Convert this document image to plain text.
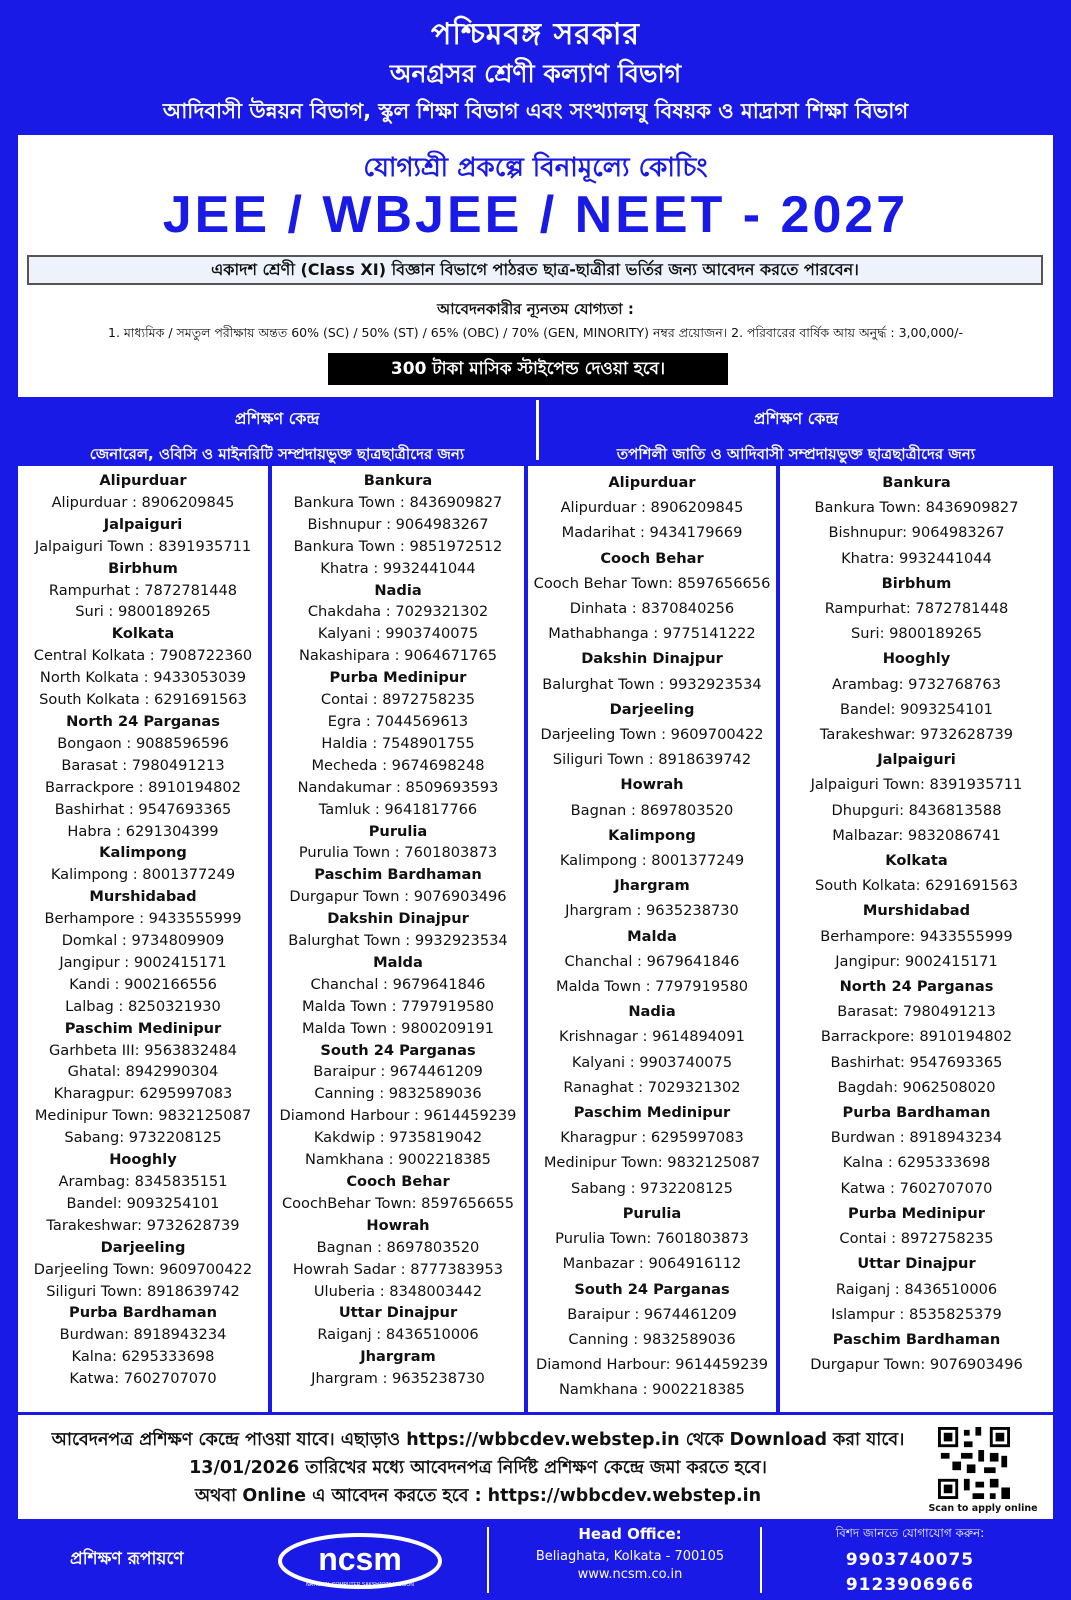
পশ্চিমবঙ্গ সরকার
অনগ্রসর শ্রেণী কল্যাণ বিভাগ
আদিবাসী উন্নয়ন বিভাগ, স্কুল শিক্ষা বিভাগ এবং সংখ্যালঘু বিষয়ক ও মাদ্রাসা শিক্ষা বিভাগ
যোগ্যশ্রী প্রকল্পে বিনামূল্যে কোচিং
JEE / WBJEE / NEET - 2027
একাদশ শ্রেণী (Class XI) বিজ্ঞান বিভাগে পাঠরত ছাত্র-ছাত্রীরা ভর্তির জন্য আবেদন করতে পারবেন।
আবেদনকারীর ন্যূনতম যোগ্যতা :
1. মাধ্যমিক / সমতুল পরীক্ষায় অন্তত 60% (SC) / 50% (ST) / 65% (OBC) / 70% (GEN, MINORITY) নম্বর প্রয়োজন। 2. পরিবারের বার্ষিক আয় অনুর্দ্ধ : 3,00,000/-
300 টাকা মাসিক স্টাইপেন্ড দেওয়া হবে।
প্রশিক্ষণ কেন্দ্র
জেনারেল, ওবিসি ও মাইনরিটি সম্প্রদায়ভুক্ত ছাত্রছাত্রীদের জন্য
প্রশিক্ষণ কেন্দ্র
তপশিলী জাতি ও আদিবাসী সম্প্রদায়ভুক্ত ছাত্রছাত্রীদের জন্য
Alipurduar
Alipurduar : 8906209845
Jalpaiguri
Jalpaiguri Town : 8391935711
Birbhum
Rampurhat : 7872781448
Suri : 9800189265
Kolkata
Central Kolkata : 7908722360
North Kolkata : 9433053039
South Kolkata : 6291691563
North 24 Parganas
Bongaon : 9088596596
Barasat : 7980491213
Barrackpore : 8910194802
Bashirhat : 9547693365
Habra : 6291304399
Kalimpong
Kalimpong : 8001377249
Murshidabad
Berhampore : 9433555999
Domkal : 9734809909
Jangipur : 9002415171
Kandi : 9002166556
Lalbag : 8250321930
Paschim Medinipur
Garhbeta III: 9563832484
Ghatal: 8942990304
Kharagpur: 6295997083
Medinipur Town: 9832125087
Sabang: 9732208125
Hooghly
Arambag: 8345835151
Bandel: 9093254101
Tarakeshwar: 9732628739
Darjeeling
Darjeeling Town: 9609700422
Siliguri Town: 8918639742
Purba Bardhaman
Burdwan: 8918943234
Kalna: 6295333698
Katwa: 7602707070
Bankura
Bankura Town : 8436909827
Bishnupur : 9064983267
Bankura Town : 9851972512
Khatra : 9932441044
Nadia
Chakdaha : 7029321302
Kalyani : 9903740075
Nakashipara : 9064671765
Purba Medinipur
Contai : 8972758235
Egra : 7044569613
Haldia : 7548901755
Mecheda : 9674698248
Nandakumar : 8509693593
Tamluk : 9641817766
Purulia
Purulia Town : 7601803873
Paschim Bardhaman
Durgapur Town : 9076903496
Dakshin Dinajpur
Balurghat Town : 9932923534
Malda
Chanchal : 9679641846
Malda Town : 7797919580
Malda Town : 9800209191
South 24 Parganas
Baraipur : 9674461209
Canning : 9832589036
Diamond Harbour : 9614459239
Kakdwip : 9735819042
Namkhana : 9002218385
Cooch Behar
CoochBehar Town: 8597656655
Howrah
Bagnan : 8697803520
Howrah Sadar : 8777383953
Uluberia : 8348003442
Uttar Dinajpur
Raiganj : 8436510006
Jhargram
Jhargram : 9635238730
Alipurduar
Alipurduar : 8906209845
Madarihat : 9434179669
Cooch Behar
Cooch Behar Town: 8597656656
Dinhata : 8370840256
Mathabhanga : 9775141222
Dakshin Dinajpur
Balurghat Town : 9932923534
Darjeeling
Darjeeling Town : 9609700422
Siliguri Town : 8918639742
Howrah
Bagnan : 8697803520
Kalimpong
Kalimpong : 8001377249
Jhargram
Jhargram : 9635238730
Malda
Chanchal : 9679641846
Malda Town : 7797919580
Nadia
Krishnagar : 9614894091
Kalyani : 9903740075
Ranaghat : 7029321302
Paschim Medinipur
Kharagpur : 6295997083
Medinipur Town: 9832125087
Sabang : 9732208125
Purulia
Purulia Town: 7601803873
Manbazar : 9064916112
South 24 Parganas
Baraipur : 9674461209
Canning : 9832589036
Diamond Harbour: 9614459239
Namkhana : 9002218385
Bankura
Bankura Town: 8436909827
Bishnupur: 9064983267
Khatra: 9932441044
Birbhum
Rampurhat: 7872781448
Suri: 9800189265
Hooghly
Arambag: 9732768763
Bandel: 9093254101
Tarakeshwar: 9732628739
Jalpaiguri
Jalpaiguri Town: 8391935711
Dhupguri: 8436813588
Malbazar: 9832086741
Kolkata
South Kolkata: 6291691563
Murshidabad
Berhampore: 9433555999
Jangipur: 9002415171
North 24 Parganas
Barasat: 7980491213
Barrackpore: 8910194802
Bashirhat: 9547693365
Bagdah: 9062508020
Purba Bardhaman
Burdwan : 8918943234
Kalna : 6295333698
Katwa : 7602707070
Purba Medinipur
Contai : 8972758235
Uttar Dinajpur
Raiganj : 8436510006
Islampur : 8535825379
Paschim Bardhaman
Durgapur Town: 9076903496
আবেদনপত্র প্রশিক্ষণ কেন্দ্রে পাওয়া যাবে। এছাড়াও https://wbbcdev.webstep.in থেকে Download করা যাবে।
13/01/2026 তারিখের মধ্যে আবেদনপত্র নির্দিষ্ট প্রশিক্ষণ কেন্দ্রে জমা করতে হবে।
অথবা Online এ আবেদন করতে হবে : https://wbbcdev.webstep.in
Scan to apply online
প্রশিক্ষণ রূপায়ণে	ncsm
NATIONAL COMPUTER SAKSHARTA MISSION
Head Office:
Beliaghata, Kolkata - 700105
www.ncsm.co.in
বিশদ জানতে যোগাযোগ করুন:
9903740075
9123906966
